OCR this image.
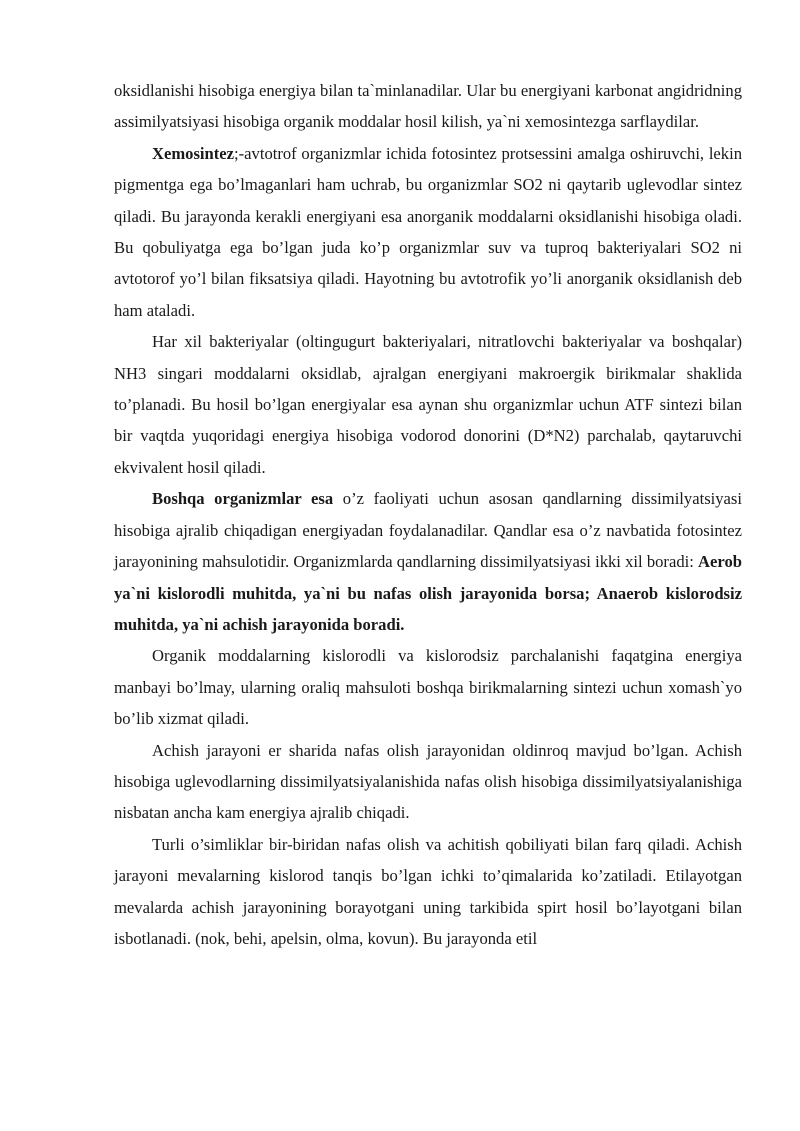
oksidlanishi hisobiga energiya bilan ta`minlanadilar. Ular bu energiyani karbonat angidridning assimilyatsiyasi hisobiga organik moddalar hosil kilish, ya`ni xemosintezga sarflaydilar.

Xemosintez;-avtotrof organizmlar ichida fotosintez protsessini amalga oshiruvchi, lekin pigmentga ega bo’lmaganlari ham uchrab, bu organizmlar SO2 ni qaytarib uglevodlar sintez qiladi. Bu jarayonda kerakli energiyani esa anorganik moddalarni oksidlanishi hisobiga oladi. Bu qobuliyatga ega bo’lgan juda ko’p organizmlar suv va tuproq bakteriyalari SO2 ni avtotorof yo’l bilan fiksatsiya qiladi. Hayotning bu avtotrofik yo’li anorganik oksidlanish deb ham ataladi.

Har xil bakteriyalar (oltingugurt bakteriyalari, nitratlovchi bakteriyalar va boshqalar) NH3 singari moddalarni oksidlab, ajralgan energiyani makroergik birikmalar shaklida to’planadi. Bu hosil bo’lgan energiyalar esa aynan shu organizmlar uchun ATF sintezi bilan bir vaqtda yuqoridagi energiya hisobiga vodorod donorini (D*N2) parchalab, qaytaruvchi ekvivalent hosil qiladi.

Boshqa organizmlar esa o’z faoliyati uchun asosan qandlarning dissimilyatsiyasi hisobiga ajralib chiqadigan energiyadan foydalanadilar. Qandlar esa o’z navbatida fotosintez jarayonining mahsulotidir. Organizmlarda qandlarning dissimilyatsiyasi ikki xil boradi: Aerob ya`ni kislorodli muhitda, ya`ni bu nafas olish jarayonida borsa; Anaerob kislorodsiz muhitda, ya`ni achish jarayonida boradi.

Organik moddalarning kislorodli va kislorodsiz parchalanishi faqatgina energiya manbayi bo’lmay, ularning oraliq mahsuloti boshqa birikmalarning sintezi uchun xomash`yo bo’lib xizmat qiladi.

Achish jarayoni er sharida nafas olish jarayonidan oldinroq mavjud bo’lgan. Achish hisobiga uglevodlarning dissimilyatsiyalanishida nafas olish hisobiga dissimilyatsiyalanishiga nisbatan ancha kam energiya ajralib chiqadi.

Turli o’simliklar bir-biridan nafas olish va achitish qobiliyati bilan farq qiladi. Achish jarayoni mevalarning kislorod tanqis bo’lgan ichki to’qimalarida ko’zatiladi. Etilayotgan mevalarda achish jarayonining borayotgani uning tarkibida spirt hosil bo’layotgani bilan isbotlanadi. (nok, behi, apelsin, olma, kovun). Bu jarayonda etil
